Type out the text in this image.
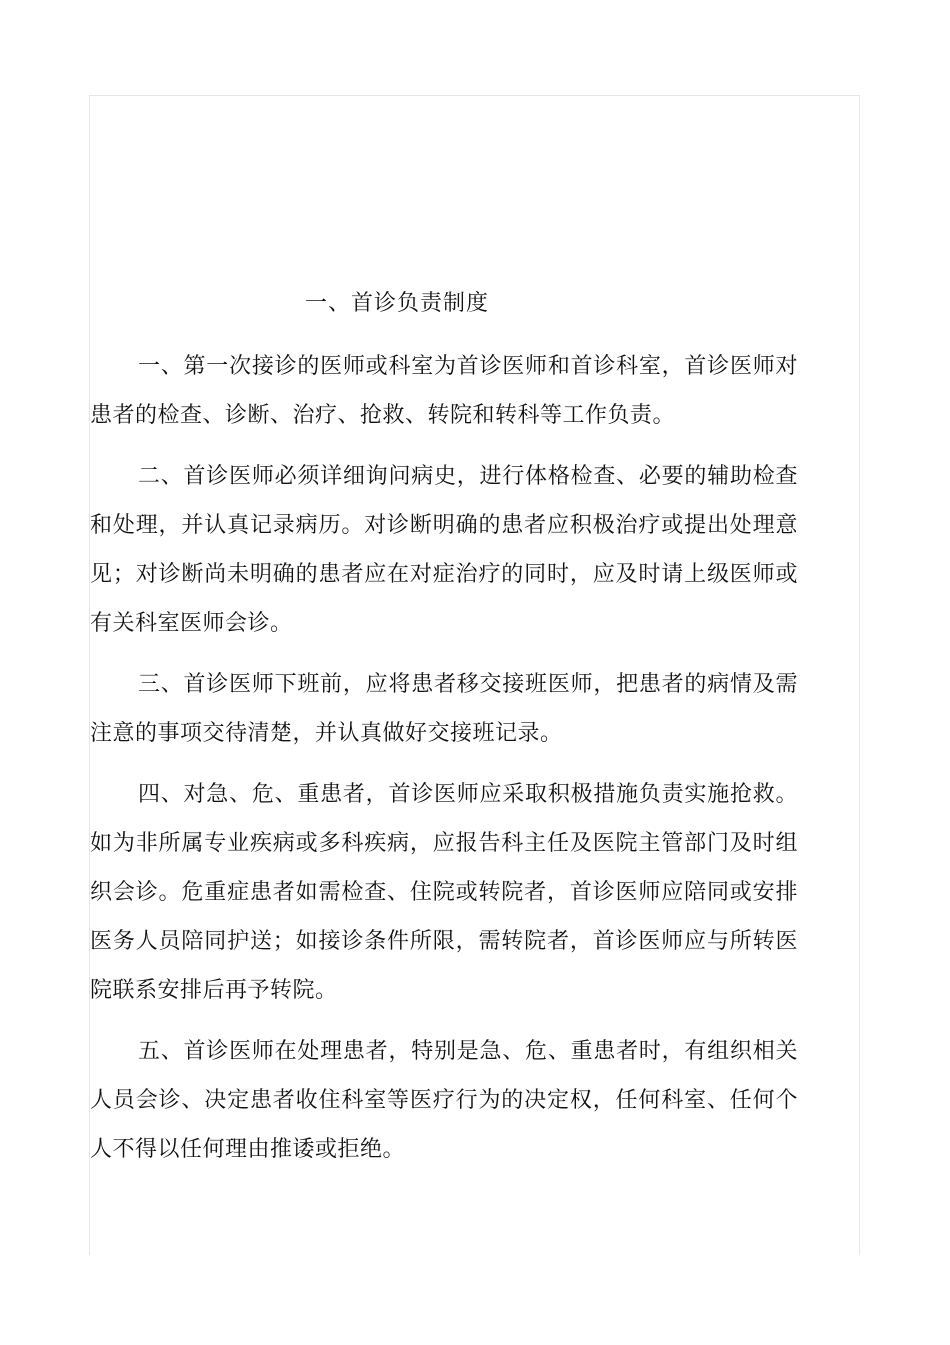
一、首诊负责制度

一、第一次接诊的医师或科室为首诊医师和首诊科室，首诊医师对患者的检查、诊断、治疗、抢救、转院和转科等工作负责。

二、首诊医师必须详细询问病史，进行体格检查、必要的辅助检查和处理，并认真记录病历。对诊断明确的患者应积极治疗或提出处理意见；对诊断尚未明确的患者应在对症治疗的同时，应及时请上级医师或有关科室医师会诊。

三、首诊医师下班前，应将患者移交接班医师，把患者的病情及需注意的事项交待清楚，并认真做好交接班记录。

四、对急、危、重患者，首诊医师应采取积极措施负责实施抢救。如为非所属专业疾病或多科疾病，应报告科主任及医院主管部门及时组织会诊。危重症患者如需检查、住院或转院者，首诊医师应陪同或安排医务人员陪同护送；如接诊条件所限，需转院者，首诊医师应与所转医院联系安排后再予转院。

五、首诊医师在处理患者，特别是急、危、重患者时，有组织相关人员会诊、决定患者收住科室等医疗行为的决定权，任何科室、任何个人不得以任何理由推诿或拒绝。
